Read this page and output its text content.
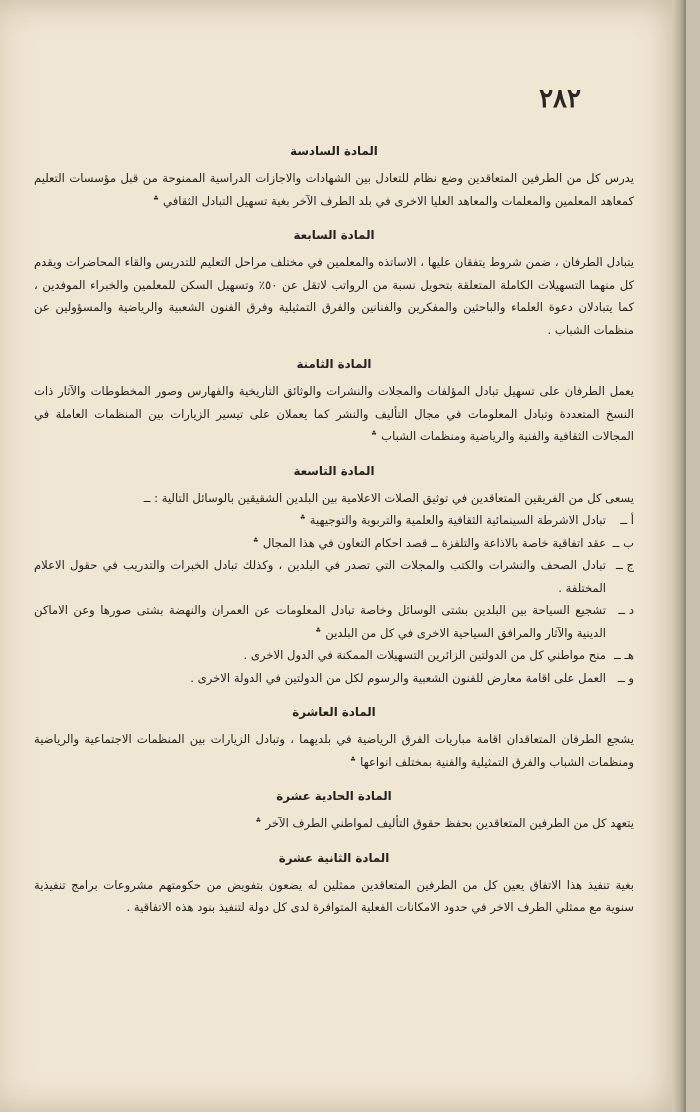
٢٨٢
المادة السادسة

يدرس كل من الطرفين المتعاقدين وضع نظام للتعادل بين الشهادات والاجازات الدراسية الممنوحة من قبل مؤسسات التعليم كمعاهد المعلمين والمعلمات والمعاهد العليا الاخرى في بلد الطرف الآخر بغية تسهيل التبادل الثقافي ؞

المادة السابعة

يتبادل الطرفان ، ضمن شروط يتفقان عليها ، الاساتذه والمعلمين في مختلف مراحل التعليم للتدريس والقاء المحاضرات ويقدم كل منهما التسهيلات الكاملة المتعلقة بتحويل نسبة من الرواتب لاتقل عن ٥٠٪ وتسهيل السكن للمعلمين والخبراء الموفدين ، كما يتبادلان دعوة العلماء والباحثين والمفكرين والفنانين والفرق التمثيلية وفرق الفنون الشعبية والرياضية والمسؤولين عن منظمات الشباب .

المادة الثامنة

يعمل الطرفان على تسهيل تبادل المؤلفات والمجلات والنشرات والوثائق التاريخية والفهارس وصور المخطوطات والآثار ذات النسخ المتعددة وتبادل المعلومات في مجال التأليف والنشر كما يعملان على تيسير الزيارات بين المنظمات العاملة في المجالات الثقافية والفنية والرياضية ومنظمات الشباب ؞

المادة التاسعة

يسعى كل من الفريقين المتعاقدين في توثيق الصلات الاعلامية بين البلدين الشقيقين بالوسائل التالية : ــ

أ ــ
تبادل الاشرطة السينمائية الثقافية والعلمية والتربوية والتوجيهية ؞
ب ــ
عقد اتفاقية خاصة بالاذاعة والتلفزة ــ قصد احكام التعاون في هذا المجال ؞
ج ــ
تبادل الصحف والنشرات والكتب والمجلات التي تصدر في البلدين ، وكذلك تبادل الخبرات والتدريب في حقول الاعلام المختلفة .
د ــ
تشجيع السياحة بين البلدين بشتى الوسائل وخاصة تبادل المعلومات عن العمران والنهضة بشتى صورها وعن الاماكن الدينية والآثار والمرافق السياحية الاخرى في كل من البلدين ؞
هـ ــ
منح مواطني كل من الدولتين الزائرين التسهيلات الممكنة في الدول الاخرى .
و ــ
العمل على اقامة معارض للفنون الشعبية والرسوم لكل من الدولتين في الدولة الاخرى .
المادة العاشرة

يشجع الطرفان المتعاقدان اقامة مباريات الفرق الرياضية في بلديهما ، وتبادل الزيارات بين المنظمات الاجتماعية والرياضية ومنظمات الشباب والفرق التمثيلية والفنية بمختلف انواعها ؞

المادة الحادية عشرة

يتعهد كل من الطرفين المتعاقدين بحفظ حقوق التأليف لمواطني الطرف الآخر ؞

المادة الثانية عشرة

بغية تنفيذ هذا الاتفاق يعين كل من الطرفين المتعاقدين ممثلين له يضعون بتفويض من حكومتهم مشروعات برامج تنفيذية سنوية مع ممثلي الطرف الاخر في حدود الامكانات الفعلية المتوافرة لدى كل دولة لتنفيذ بنود هذه الاتفاقية .
